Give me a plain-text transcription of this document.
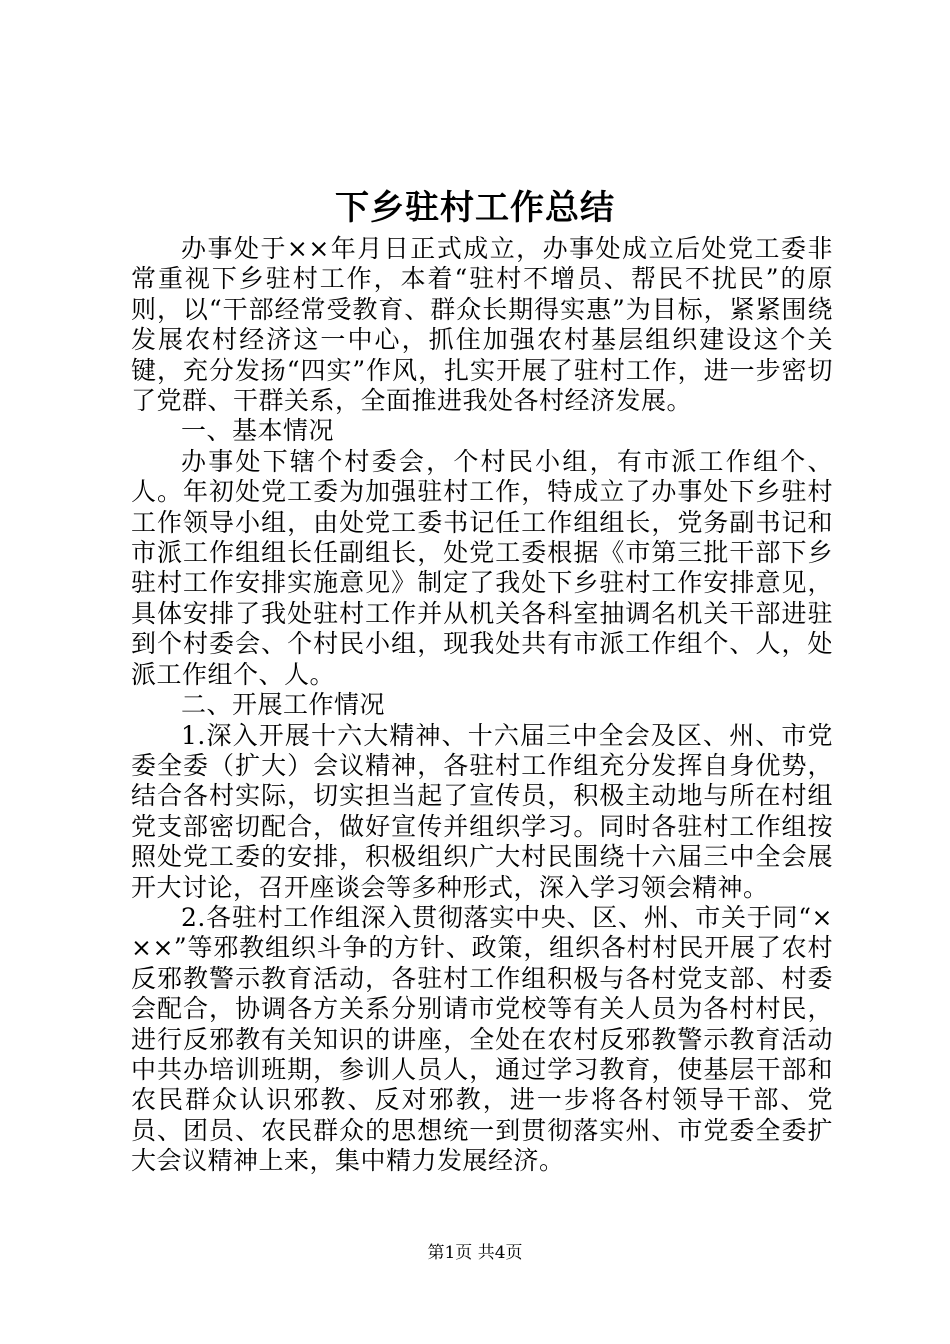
下乡驻村工作总结

办事处于××年月日正式成立，办事处成立后处党工委非常重视下乡驻村工作，本着“驻村不增员、帮民不扰民”的原则，以“干部经常受教育、群众长期得实惠”为目标，紧紧围绕发展农村经济这一中心，抓住加强农村基层组织建设这个关键，充分发扬“四实”作风，扎实开展了驻村工作，进一步密切了党群、干群关系，全面推进我处各村经济发展。

一、基本情况

办事处下辖个村委会，个村民小组，有市派工作组个、人。年初处党工委为加强驻村工作，特成立了办事处下乡驻村工作领导小组，由处党工委书记任工作组组长，党务副书记和市派工作组组长任副组长，处党工委根据《市第三批干部下乡驻村工作安排实施意见》制定了我处下乡驻村工作安排意见，具体安排了我处驻村工作并从机关各科室抽调名机关干部进驻到个村委会、个村民小组，现我处共有市派工作组个、人，处派工作组个、人。

二、开展工作情况

1.深入开展十六大精神、十六届三中全会及区、州、市党委全委（扩大）会议精神，各驻村工作组充分发挥自身优势，结合各村实际，切实担当起了宣传员，积极主动地与所在村组党支部密切配合，做好宣传并组织学习。同时各驻村工作组按照处党工委的安排，积极组织广大村民围绕十六届三中全会展开大讨论，召开座谈会等多种形式，深入学习领会精神。

2.各驻村工作组深入贯彻落实中央、区、州、市关于同“×××”等邪教组织斗争的方针、政策，组织各村村民开展了农村反邪教警示教育活动，各驻村工作组积极与各村党支部、村委会配合，协调各方关系分别请市党校等有关人员为各村村民，进行反邪教有关知识的讲座，全处在农村反邪教警示教育活动中共办培训班期，参训人员人，通过学习教育，使基层干部和农民群众认识邪教、反对邪教，进一步将各村领导干部、党员、团员、农民群众的思想统一到贯彻落实州、市党委全委扩大会议精神上来，集中精力发展经济。

第1页 共4页
